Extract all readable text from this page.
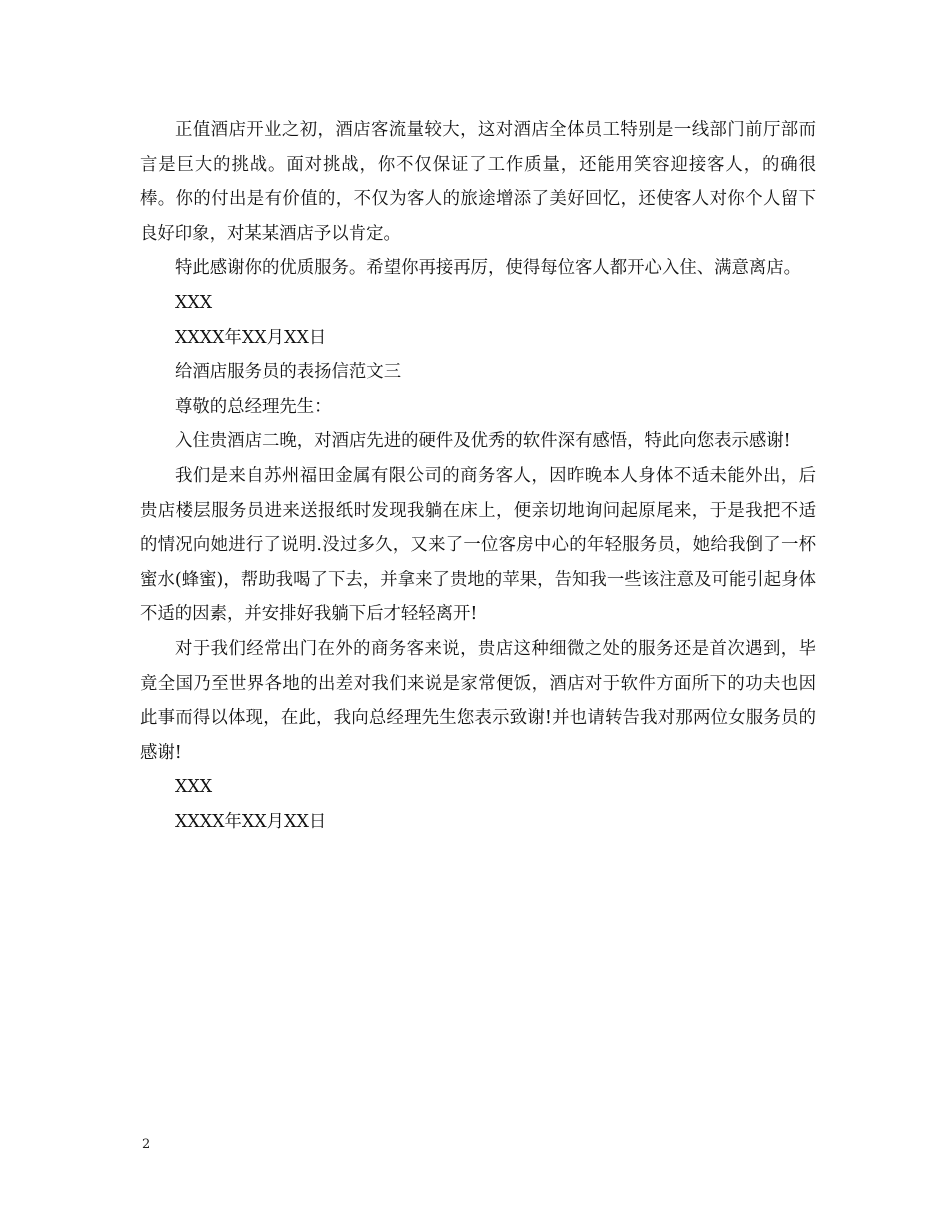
正值酒店开业之初，酒店客流量较大，这对酒店全体员工特别是一线部门前厅部而言是巨大的挑战。面对挑战，你不仅保证了工作质量，还能用笑容迎接客人，的确很棒。你的付出是有价值的，不仅为客人的旅途增添了美好回忆，还使客人对你个人留下良好印象，对某某酒店予以肯定。

特此感谢你的优质服务。希望你再接再厉，使得每位客人都开心入住、满意离店。

XXX

XXXX年XX月XX日

给酒店服务员的表扬信范文三

尊敬的总经理先生：

入住贵酒店二晚，对酒店先进的硬件及优秀的软件深有感悟，特此向您表示感谢!

我们是来自苏州福田金属有限公司的商务客人，因昨晚本人身体不适未能外出，后贵店楼层服务员进来送报纸时发现我躺在床上，便亲切地询问起原尾来，于是我把不适的情况向她进行了说明.没过多久，又来了一位客房中心的年轻服务员，她给我倒了一杯蜜水(蜂蜜)，帮助我喝了下去，并拿来了贵地的苹果，告知我一些该注意及可能引起身体不适的因素，并安排好我躺下后才轻轻离开!

对于我们经常出门在外的商务客来说，贵店这种细微之处的服务还是首次遇到，毕竟全国乃至世界各地的出差对我们来说是家常便饭，酒店对于软件方面所下的功夫也因此事而得以体现，在此，我向总经理先生您表示致谢!并也请转告我对那两位女服务员的感谢!

XXX

XXXX年XX月XX日

2
